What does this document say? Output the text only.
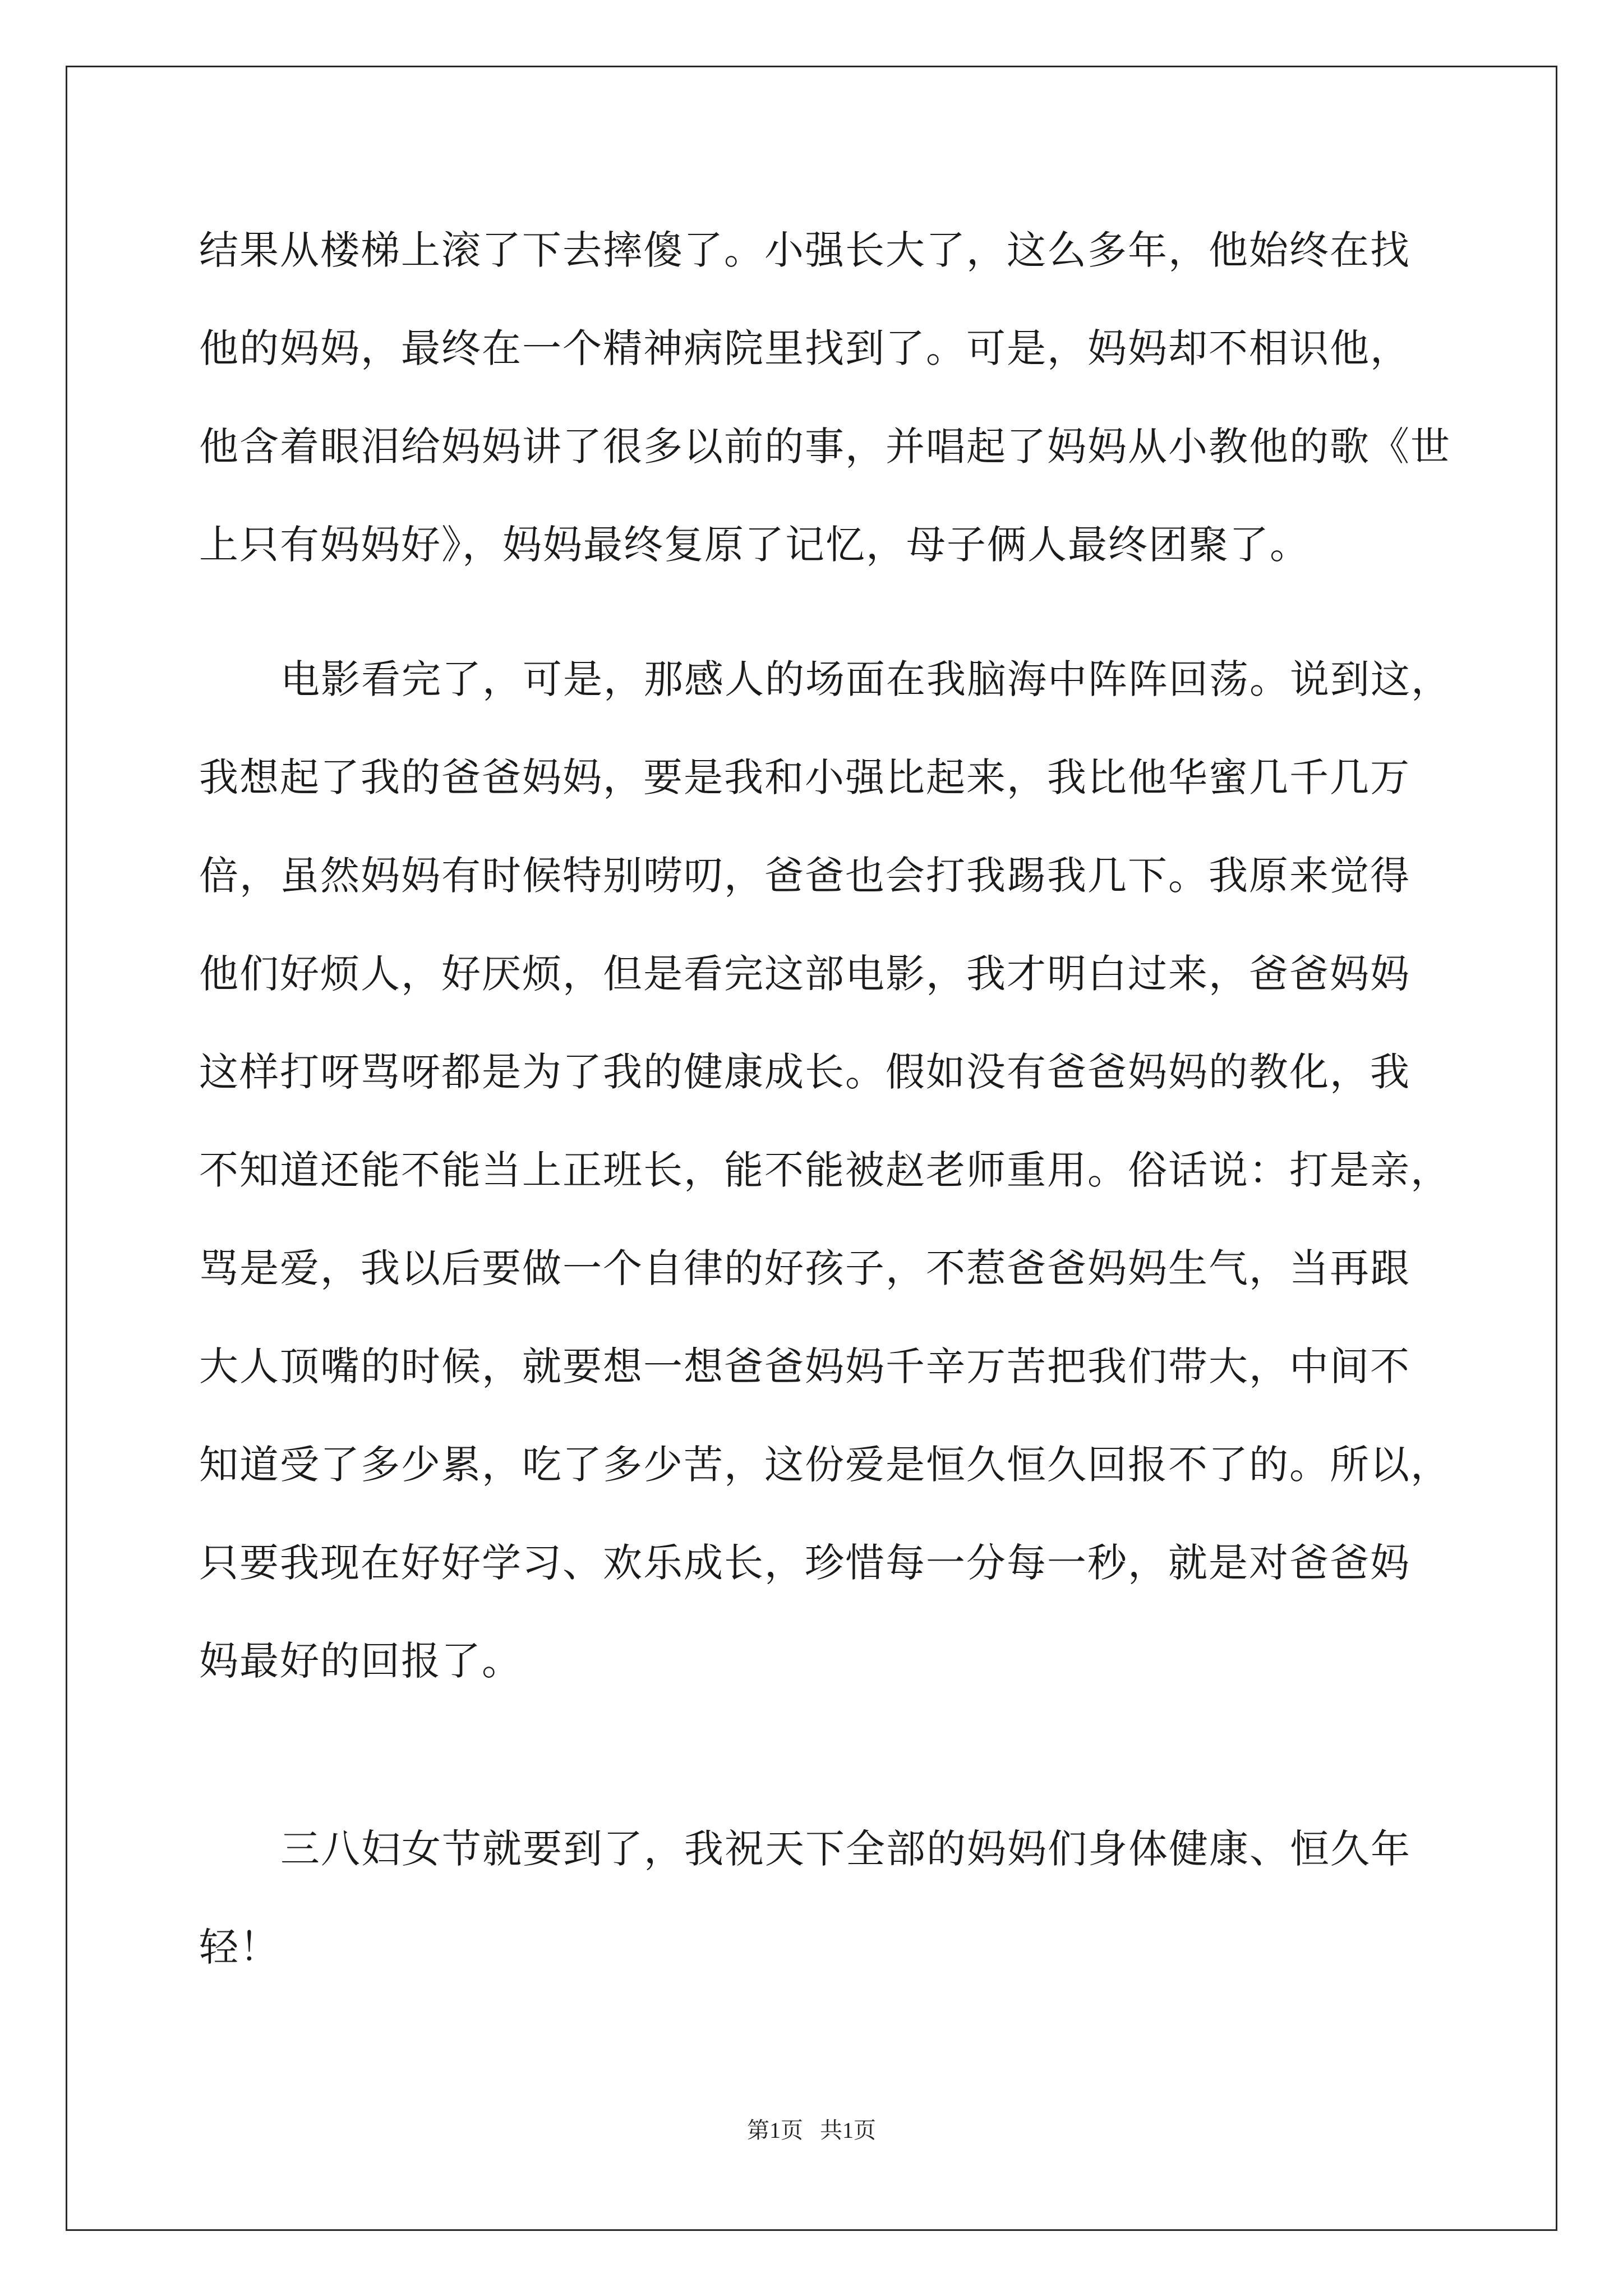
结果从楼梯上滚了下去摔傻了。小强长大了，这么多年，他始终在找
他的妈妈，最终在一个精神病院里找到了。可是，妈妈却不相识他，
他含着眼泪给妈妈讲了很多以前的事，并唱起了妈妈从小教他的歌《世
上只有妈妈好》，妈妈最终复原了记忆，母子俩人最终团聚了。
电影看完了，可是，那感人的场面在我脑海中阵阵回荡。说到这，
我想起了我的爸爸妈妈，要是我和小强比起来，我比他华蜜几千几万
倍，虽然妈妈有时候特别唠叨，爸爸也会打我踢我几下。我原来觉得
他们好烦人，好厌烦，但是看完这部电影，我才明白过来，爸爸妈妈
这样打呀骂呀都是为了我的健康成长。假如没有爸爸妈妈的教化，我
不知道还能不能当上正班长，能不能被赵老师重用。俗话说：打是亲，
骂是爱，我以后要做一个自律的好孩子，不惹爸爸妈妈生气，当再跟
大人顶嘴的时候，就要想一想爸爸妈妈千辛万苦把我们带大，中间不
知道受了多少累，吃了多少苦，这份爱是恒久恒久回报不了的。所以，
只要我现在好好学习、欢乐成长，珍惜每一分每一秒，就是对爸爸妈
妈最好的回报了。
三八妇女节就要到了，我祝天下全部的妈妈们身体健康、恒久年
轻！
第1页   共1页
